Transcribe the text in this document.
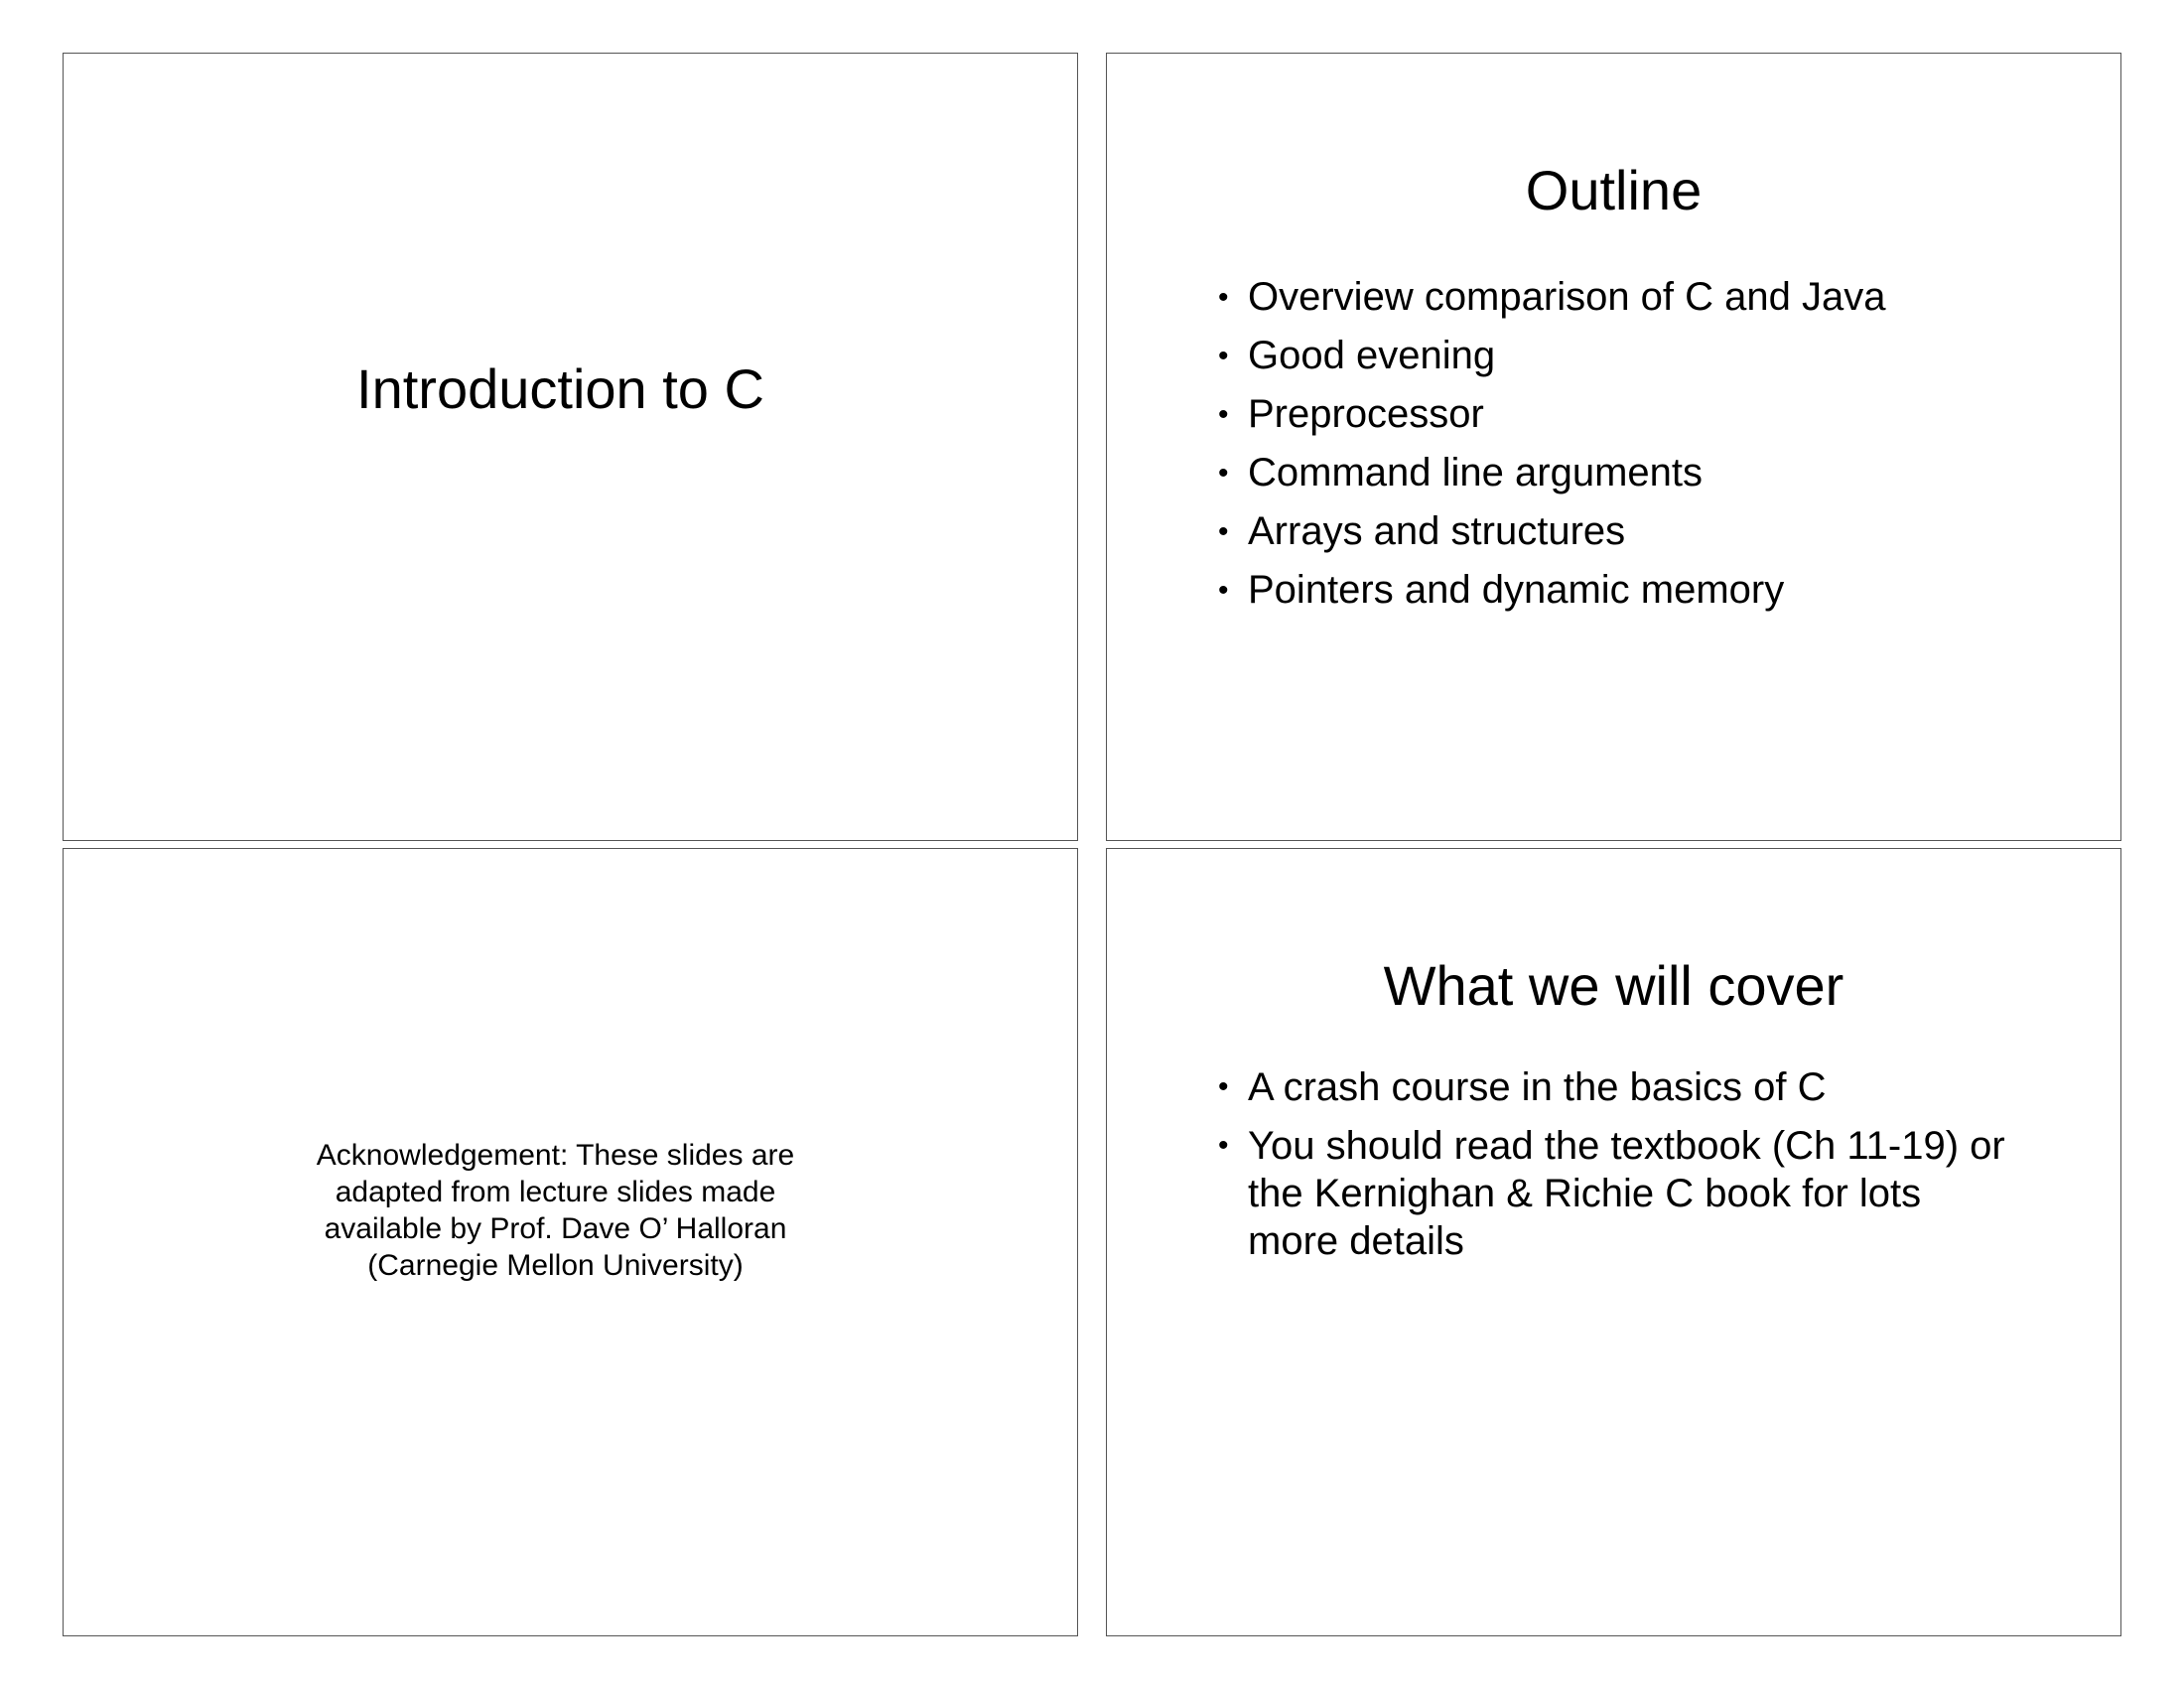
Introduction to C
Outline
• Overview comparison of C and Java
• Good evening
• Preprocessor
• Command line arguments
• Arrays and structures
• Pointers and dynamic memory
Acknowledgement: These slides are
adapted from lecture slides made
available by Prof. Dave O’ Halloran
(Carnegie Mellon University)
What we will cover
• A crash course in the basics of C
• You should read the textbook (Ch 11-19) or the Kernighan & Richie C book for lots more details
